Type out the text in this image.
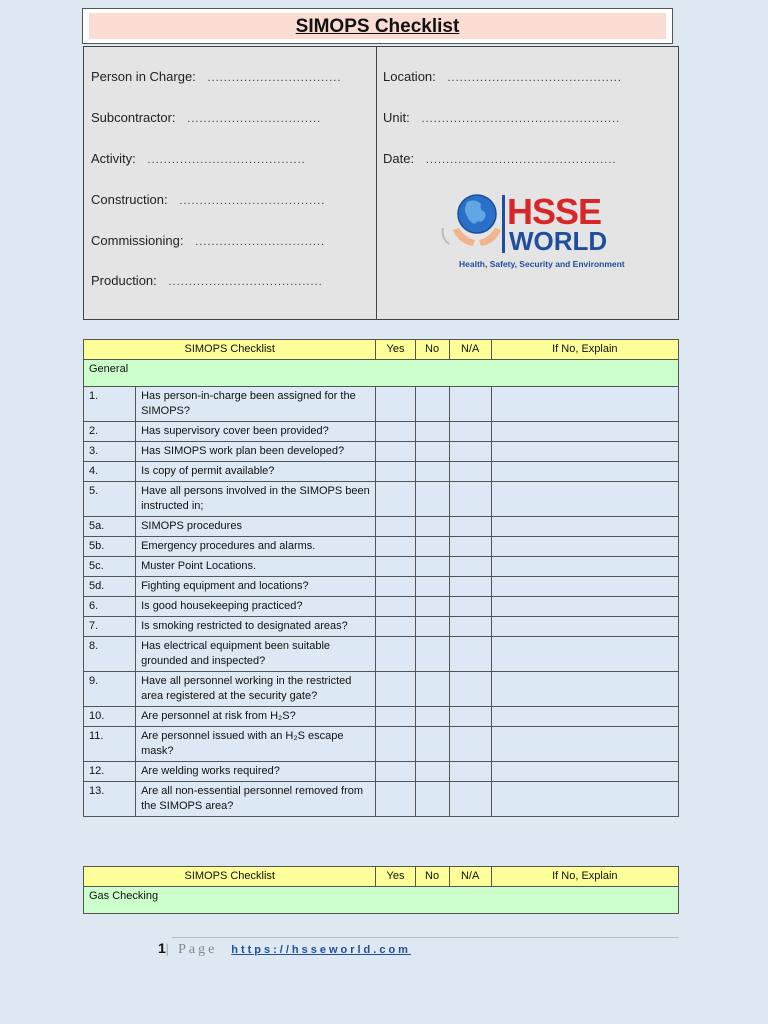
SIMOPS Checklist
Person in Charge:   .................................
Subcontractor:   .................................
Activity:   .......................................
Construction:   ....................................
Commissioning:   ................................
Production:   ......................................
Location:   ...........................................
Unit:   .................................................
Date:   ...............................................
HSSE
WORLD
Health, Safety, Security and Environment
SIMOPS Checklist		Yes	No	N/A	If No, Explain
General					
1.	Has person-in-charge been assigned for the SIMOPS?				
2.	Has supervisory cover been provided?				
3.	Has SIMOPS work plan been developed?				
4.	Is copy of permit available?				
5.	Have all persons involved in the SIMOPS been instructed in;				
5a.	SIMOPS procedures				
5b.	Emergency procedures and alarms.				
5c.	Muster Point Locations.				
5d.	Fighting equipment and locations?				
6.	Is good housekeeping practiced?				
7.	Is smoking restricted to designated areas?				
8.	Has electrical equipment been suitable grounded and inspected?				
9.	Have all personnel working in the restricted area registered at the security gate?				
10.	Are personnel at risk from H₂S?				
11.	Are personnel issued with an H₂S escape mask?				
12.	Are welding works required?				
13.	Are all non-essential personnel removed from the SIMOPS area?				
SIMOPS Checklist	Yes	No	N/A	If No, Explain
Gas Checking
1| Page https://hsseworld.com
